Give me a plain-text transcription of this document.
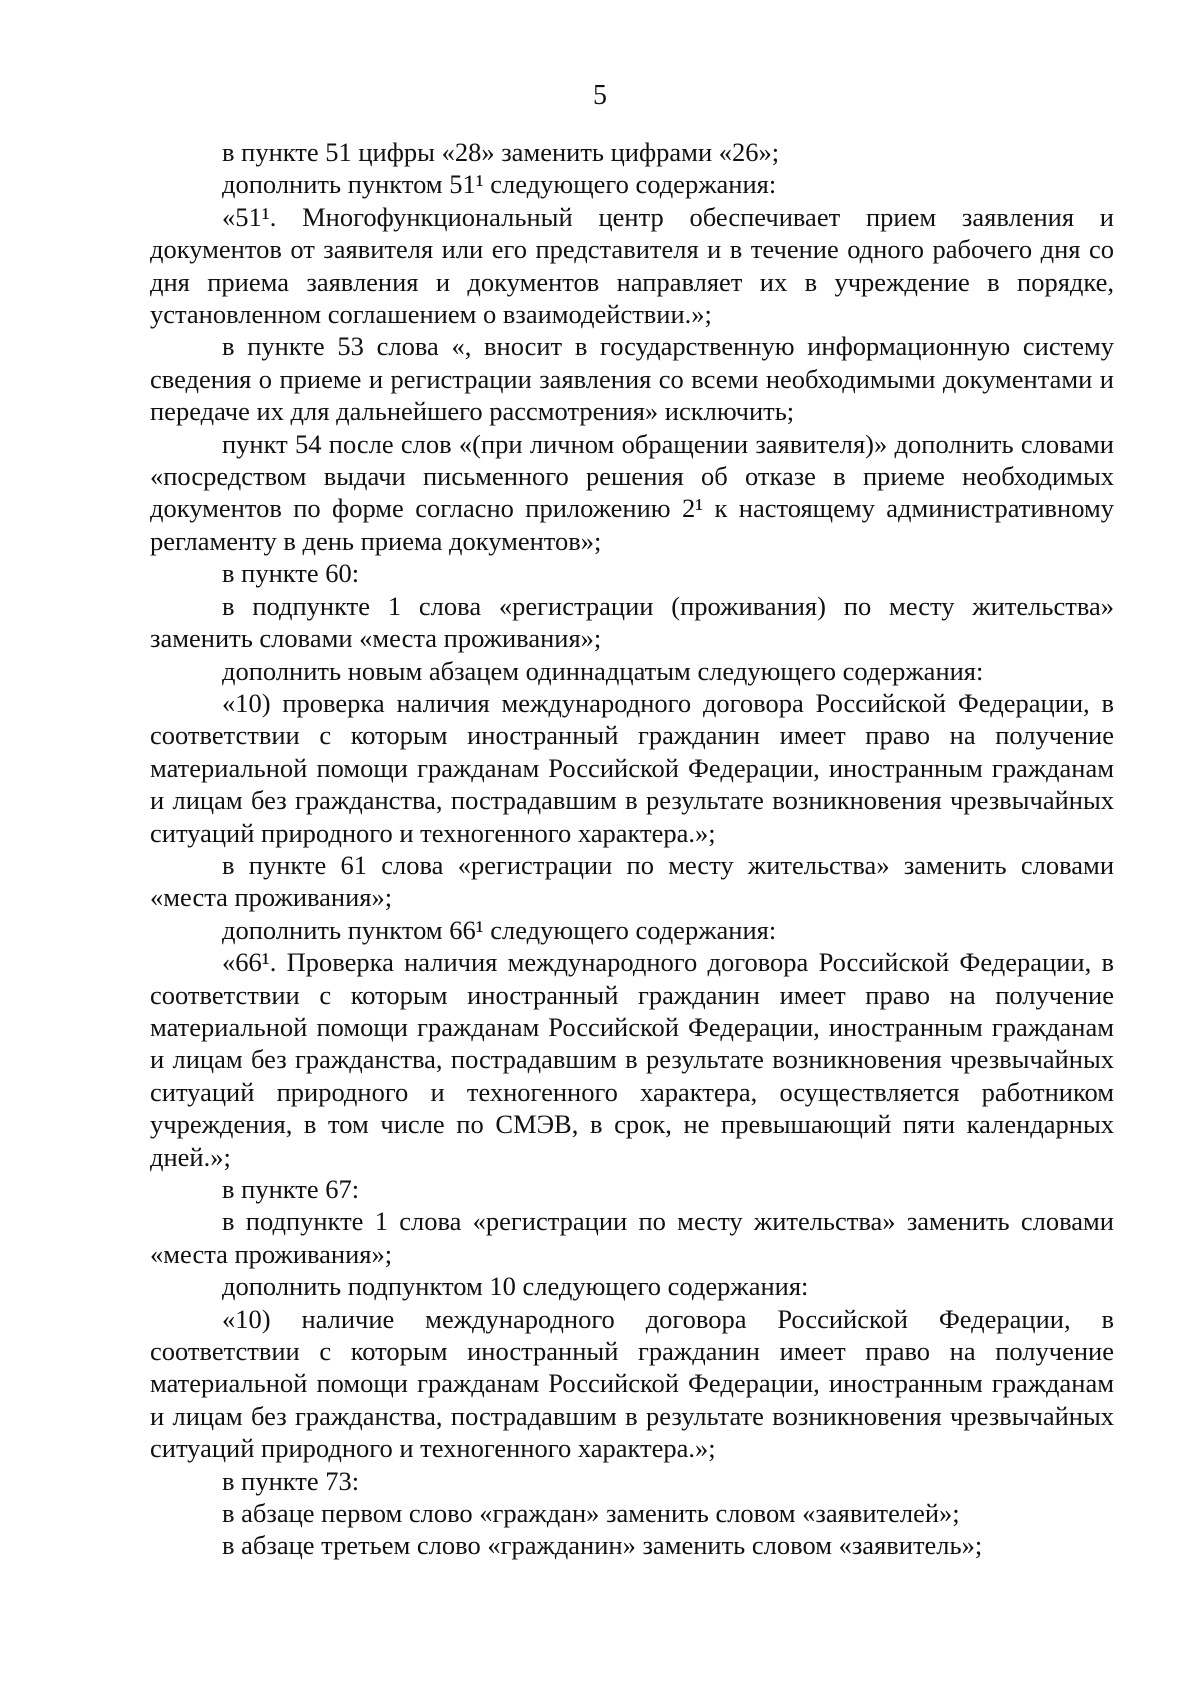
5

в пункте 51 цифры «28» заменить цифрами «26»;

дополнить пунктом 51¹ следующего содержания:

«51¹. Многофункциональный центр обеспечивает прием заявления и документов от заявителя или его представителя и в течение одного рабочего дня со дня приема заявления и документов направляет их в учреждение в порядке, установленном соглашением о взаимодействии.»;

в пункте 53 слова «, вносит в государственную информационную систему сведения о приеме и регистрации заявления со всеми необходимыми документами и передаче их для дальнейшего рассмотрения» исключить;

пункт 54 после слов «(при личном обращении заявителя)» дополнить словами «посредством выдачи письменного решения об отказе в приеме необходимых документов по форме согласно приложению 2¹ к настоящему административному регламенту в день приема документов»;

в пункте 60:

в подпункте 1 слова «регистрации (проживания) по месту жительства» заменить словами «места проживания»;

дополнить новым абзацем одиннадцатым следующего содержания:

«10) проверка наличия международного договора Российской Федерации, в соответствии с которым иностранный гражданин имеет право на получение материальной помощи гражданам Российской Федерации, иностранным гражданам и лицам без гражданства, пострадавшим в результате возникновения чрезвычайных ситуаций природного и техногенного характера.»;

в пункте 61 слова «регистрации по месту жительства» заменить словами «места проживания»;

дополнить пунктом 66¹ следующего содержания:

«66¹. Проверка наличия международного договора Российской Федерации, в соответствии с которым иностранный гражданин имеет право на получение материальной помощи гражданам Российской Федерации, иностранным гражданам и лицам без гражданства, пострадавшим в результате возникновения чрезвычайных ситуаций природного и техногенного характера, осуществляется работником учреждения, в том числе по СМЭВ, в срок, не превышающий пяти календарных дней.»;

в пункте 67:

в подпункте 1 слова «регистрации по месту жительства» заменить словами «места проживания»;

дополнить подпунктом 10 следующего содержания:

«10) наличие международного договора Российской Федерации, в соответствии с которым иностранный гражданин имеет право на получение материальной помощи гражданам Российской Федерации, иностранным гражданам и лицам без гражданства, пострадавшим в результате возникновения чрезвычайных ситуаций природного и техногенного характера.»;

в пункте 73:

в абзаце первом слово «граждан» заменить словом «заявителей»;

в абзаце третьем слово «гражданин» заменить словом «заявитель»;
